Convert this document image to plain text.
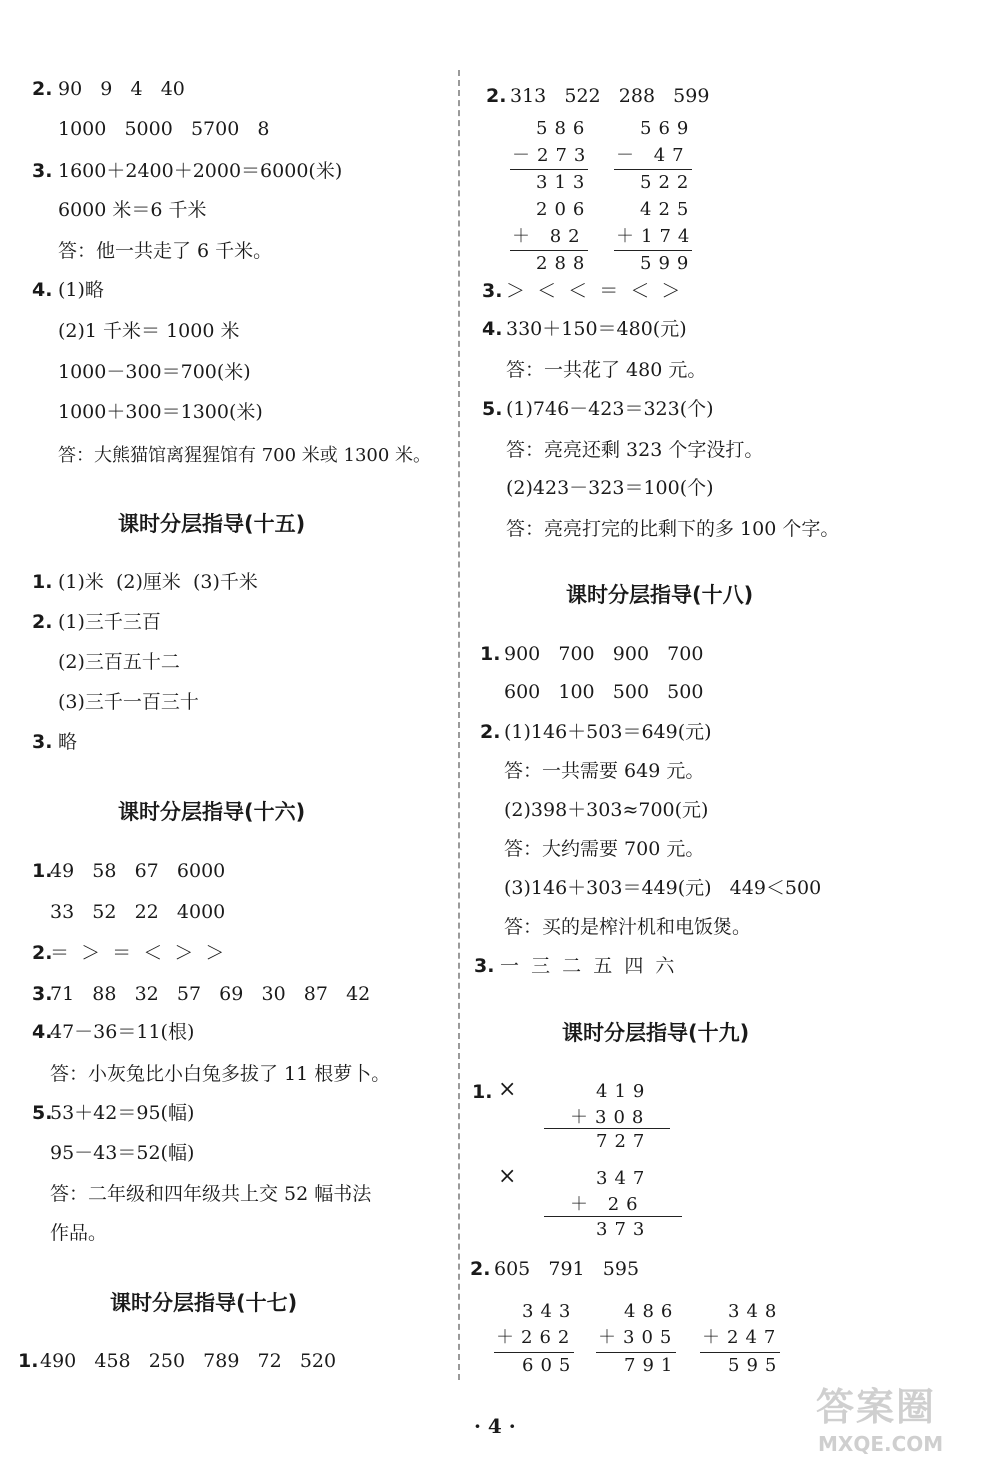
2. 90   9   4   40
1000   5000   5700   8
3. 1600＋2400＋2000＝6000(米)
6000 米＝6 千米
答：他一共走了 6 千米。
4. (1)略
(2)1 千米＝ 1000 米
1000－300＝700(米)
1000＋300＝1300(米)
答：大熊猫馆离猩猩馆有 700 米或 1300 米。
课时分层指导(十五)
1. (1)米  (2)厘米  (3)千米
2. (1)三千三百
(2)三百五十二
(3)三千一百三十
3. 略
课时分层指导(十六)
1.
49   58   67   6000
33   52   22   4000
2.
＝  ＞  ＝  ＜  ＞  ＞
3.
71   88   32   57   69   30   87   42
4.
47－36＝11(根)
答：小灰兔比小白兔多拔了 11 根萝卜。
5.
53＋42＝95(幅)
95－43＝52(幅)
答：二年级和四年级共上交 52 幅书法
作品。
课时分层指导(十七)
1. 490   458   250   789   72   520
2. 313   522   288   599
586
－273
313
569
－ 47
522
206
＋ 82
288
425
＋174
599
3. ＞  ＜  ＜  ＝  ＜  ＞
4. 330＋150＝480(元)
答：一共花了 480 元。
5. (1)746－423＝323(个)
答：亮亮还剩 323 个字没打。
(2)423－323＝100(个)
答：亮亮打完的比剩下的多 100 个字。
课时分层指导(十八)
1. 900   700   900   700
600   100   500   500
2. (1)146＋503＝649(元)
答：一共需要 649 元。
(2)398＋303≈700(元)
答：大约需要 700 元。
(3)146＋303＝449(元)   449＜500
答：买的是榨汁机和电饭煲。
3. 一  三  二  五  四  六
课时分层指导(十九)
1. ×	419
＋308
727
×	347
＋ 26
373
2. 605   791   595
343
＋262
605
486
＋305
791
348
＋247
595
· 4 ·	答案圈
MXQE.COM
